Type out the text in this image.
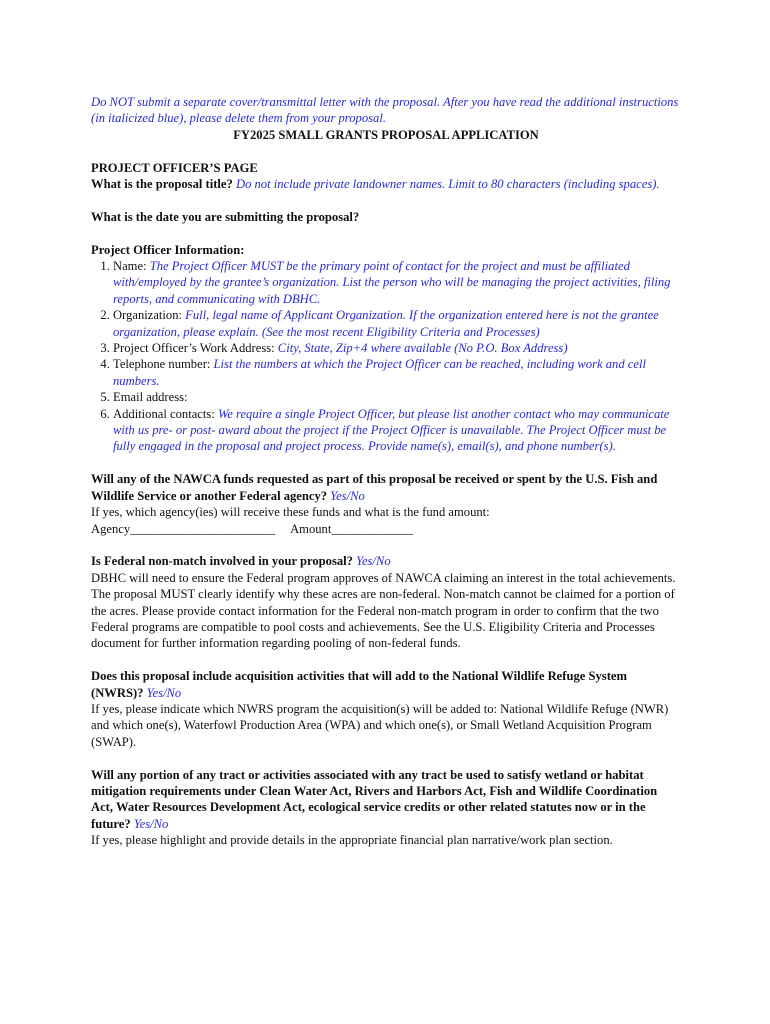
Do NOT submit a separate cover/transmittal letter with the proposal. After you have read the additional instructions (in italicized blue), please delete them from your proposal.

FY2025 SMALL GRANTS PROPOSAL APPLICATION

PROJECT OFFICER’S PAGE

What is the proposal title? Do not include private landowner names. Limit to 80 characters (including spaces).

What is the date you are submitting the proposal?

Project Officer Information:

1. Name: The Project Officer MUST be the primary point of contact for the project and must be affiliated with/employed by the grantee’s organization. List the person who will be managing the project activities, filing reports, and communicating with DBHC.
2. Organization: Full, legal name of Applicant Organization. If the organization entered here is not the grantee organization, please explain. (See the most recent Eligibility Criteria and Processes)
3. Project Officer’s Work Address: City, State, Zip+4 where available (No P.O. Box Address)
4. Telephone number: List the numbers at which the Project Officer can be reached, including work and cell numbers.
5. Email address:
6. Additional contacts: We require a single Project Officer, but please list another contact who may communicate with us pre- or post- award about the project if the Project Officer is unavailable. The Project Officer must be fully engaged in the proposal and project process. Provide name(s), email(s), and phone number(s).

Will any of the NAWCA funds requested as part of this proposal be received or spent by the U.S. Fish and Wildlife Service or another Federal agency? Yes/No

If yes, which agency(ies) will receive these funds and what is the fund amount:

Agency_______________________ Amount_____________

Is Federal non-match involved in your proposal? Yes/No

DBHC will need to ensure the Federal program approves of NAWCA claiming an interest in the total achievements. The proposal MUST clearly identify why these acres are non-federal. Non-match cannot be claimed for a portion of the acres. Please provide contact information for the Federal non-match program in order to confirm that the two Federal programs are compatible to pool costs and achievements. See the U.S. Eligibility Criteria and Processes document for further information regarding pooling of non-federal funds.

Does this proposal include acquisition activities that will add to the National Wildlife Refuge System (NWRS)? Yes/No

If yes, please indicate which NWRS program the acquisition(s) will be added to: National Wildlife Refuge (NWR) and which one(s), Waterfowl Production Area (WPA) and which one(s), or Small Wetland Acquisition Program (SWAP).

Will any portion of any tract or activities associated with any tract be used to satisfy wetland or habitat mitigation requirements under Clean Water Act, Rivers and Harbors Act, Fish and Wildlife Coordination Act, Water Resources Development Act, ecological service credits or other related statutes now or in the future? Yes/No

If yes, please highlight and provide details in the appropriate financial plan narrative/work plan section.
